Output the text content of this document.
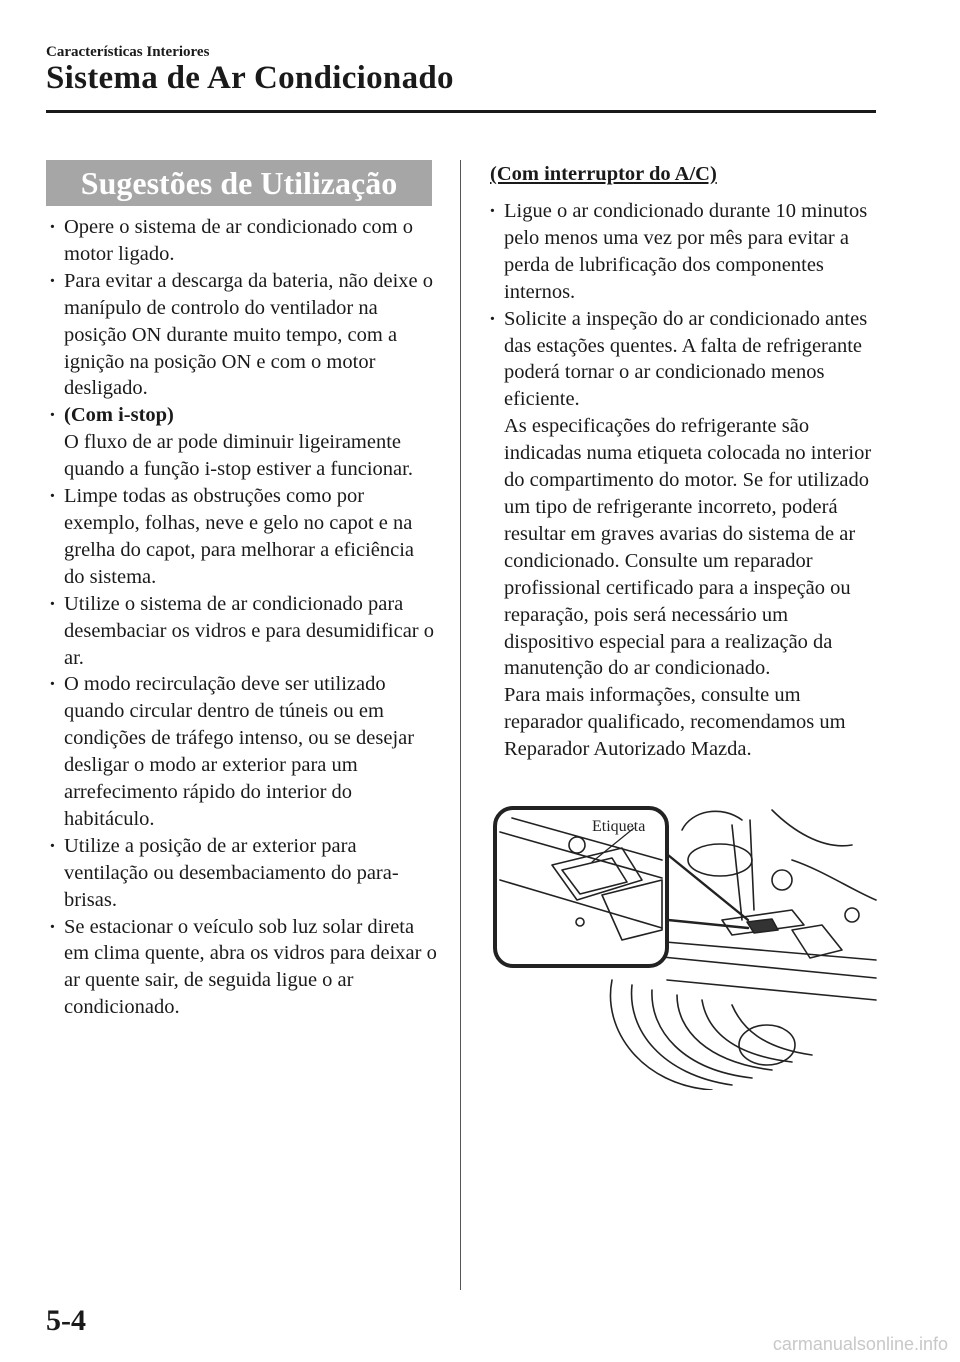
Características Interiores
Sistema de Ar Condicionado
Sugestões de Utilização
· Opere o sistema de ar condicionado com o motor ligado.
· Para evitar a descarga da bateria, não deixe o manípulo de controlo do ventilador na posição ON durante muito tempo, com a ignição na posição ON e com o motor desligado.
· (Com i-stop)
O fluxo de ar pode diminuir ligeiramente quando a função i-stop estiver a funcionar.
· Limpe todas as obstruções como por exemplo, folhas, neve e gelo no capot e na grelha do capot, para melhorar a eficiência do sistema.
· Utilize o sistema de ar condicionado para desembaciar os vidros e para desumidificar o ar.
· O modo recirculação deve ser utilizado quando circular dentro de túneis ou em condições de tráfego intenso, ou se desejar desligar o modo ar exterior para um arrefecimento rápido do interior do habitáculo.
· Utilize a posição de ar exterior para ventilação ou desembaciamento do para-brisas.
· Se estacionar o veículo sob luz solar direta em clima quente, abra os vidros para deixar o ar quente sair, de seguida ligue o ar condicionado.
(Com interruptor do A/C)
· Ligue o ar condicionado durante 10 minutos pelo menos uma vez por mês para evitar a perda de lubrificação dos componentes internos.
· Solicite a inspeção do ar condicionado antes das estações quentes. A falta de refrigerante poderá tornar o ar condicionado menos eficiente.
As especificações do refrigerante são indicadas numa etiqueta colocada no interior do compartimento do motor. Se for utilizado um tipo de refrigerante incorreto, poderá resultar em graves avarias do sistema de ar condicionado. Consulte um reparador profissional certificado para a inspeção ou reparação, pois será necessário um dispositivo especial para a realização da manutenção do ar condicionado.
Para mais informações, consulte um reparador qualificado, recomendamos um Reparador Autorizado Mazda.
Etiqueta
5-4
carmanualsonline.info
